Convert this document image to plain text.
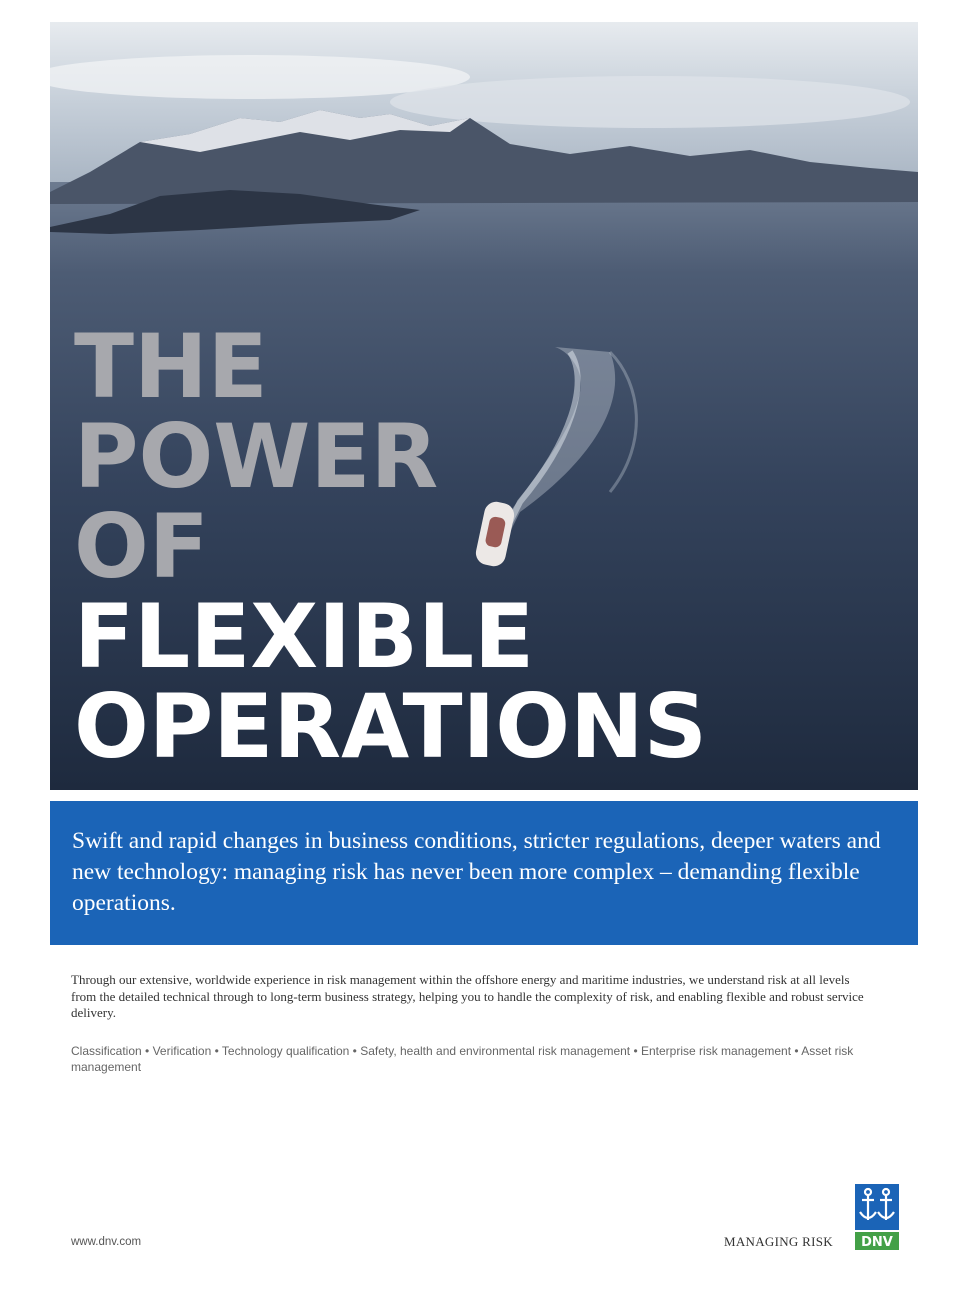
THE
POWER
OF
FLEXIBLE
OPERATIONS

Swift and rapid changes in business conditions, stricter regulations, deeper waters and new technology: managing risk has never been more complex – demanding flexible operations.

Through our extensive, worldwide experience in risk management within the offshore energy and maritime industries, we understand risk at all levels from the detailed technical through to long-term business strategy, helping you to handle the complexity of risk, and enabling flexible and robust service delivery.

Classification • Verification • Technology qualification • Safety, health and environmental risk management • Enterprise risk management • Asset risk management

www.dnv.com	MANAGING RISK DNV
